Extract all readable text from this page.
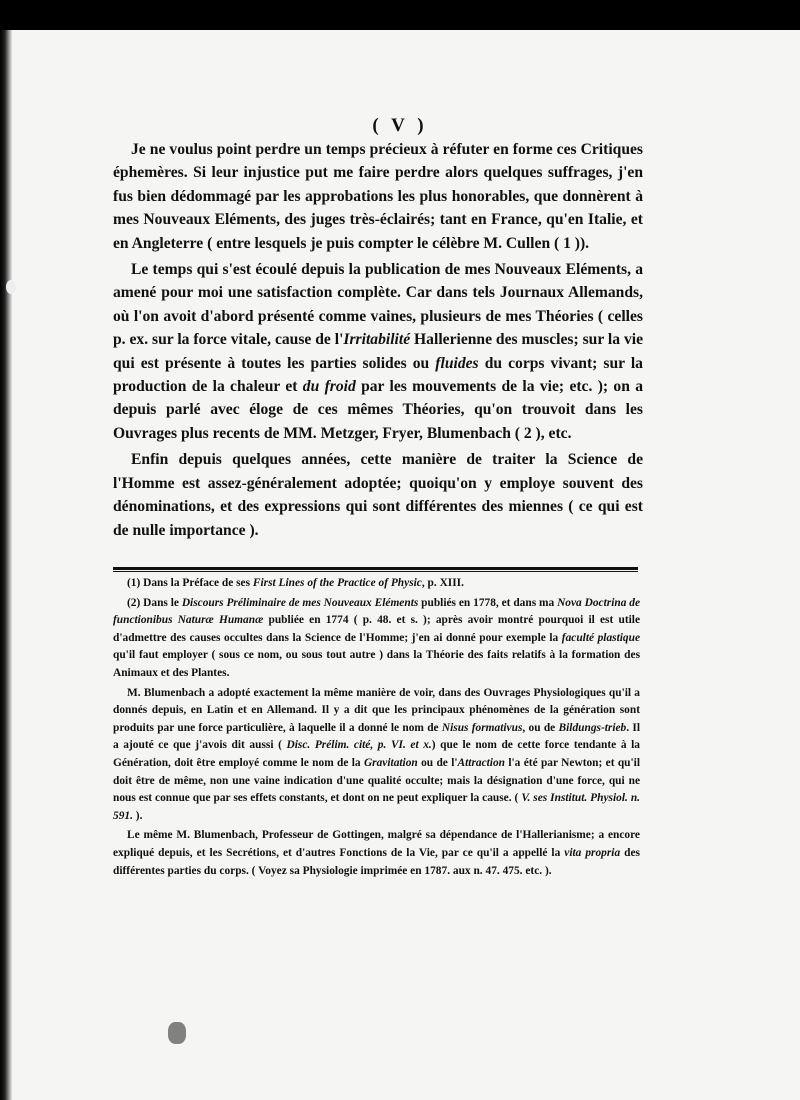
( V )

Je ne voulus point perdre un temps précieux à réfuter en forme ces Critiques éphemères. Si leur injustice put me faire perdre alors quelques suffrages, j'en fus bien dédommagé par les approbations les plus honorables, que donnèrent à mes Nouveaux Eléments, des juges très-éclairés; tant en France, qu'en Italie, et en Angleterre ( entre lesquels je puis compter le célèbre M. Cullen ( 1 )).

Le temps qui s'est écoulé depuis la publication de mes Nouveaux Eléments, a amené pour moi une satisfaction complète. Car dans tels Journaux Allemands, où l'on avoit d'abord présenté comme vaines, plusieurs de mes Théories ( celles p. ex. sur la force vitale, cause de l'Irritabilité Hallerienne des muscles; sur la vie qui est présente à toutes les parties solides ou fluides du corps vivant; sur la production de la chaleur et du froid par les mouvements de la vie; etc. ); on a depuis parlé avec éloge de ces mêmes Théories, qu'on trouvoit dans les Ouvrages plus recents de MM. Metzger, Fryer, Blumenbach ( 2 ), etc.

Enfin depuis quelques années, cette manière de traiter la Science de l'Homme est assez-généralement adoptée; quoiqu'on y employe souvent des dénominations, et des expressions qui sont différentes des miennes ( ce qui est de nulle importance ).

(1) Dans la Préface de ses First Lines of the Practice of Physic, p. XIII.

(2) Dans le Discours Préliminaire de mes Nouveaux Eléments publiés en 1778, et dans ma Nova Doctrina de functionibus Naturæ Humanæ publiée en 1774 ( p. 48. et s. ); après avoir montré pourquoi il est utile d'admettre des causes occultes dans la Science de l'Homme; j'en ai donné pour exemple la faculté plastique qu'il faut employer ( sous ce nom, ou sous tout autre ) dans la Théorie des faits relatifs à la formation des Animaux et des Plantes.

M. Blumenbach a adopté exactement la même manière de voir, dans des Ouvrages Physiologiques qu'il a donnés depuis, en Latin et en Allemand. Il y a dit que les principaux phénomènes de la génération sont produits par une force particulière, à laquelle il a donné le nom de Nisus formativus, ou de Bildungs-trieb. Il a ajouté ce que j'avois dit aussi ( Disc. Prélim. cité, p. VI. et x.) que le nom de cette force tendante à la Génération, doit être employé comme le nom de la Gravitation ou de l'Attraction l'a été par Newton; et qu'il doit être de même, non une vaine indication d'une qualité occulte; mais la désignation d'une force, qui ne nous est connue que par ses effets constants, et dont on ne peut expliquer la cause. ( V. ses Institut. Physiol. n. 591. ).

Le même M. Blumenbach, Professeur de Gottingen, malgré sa dépendance de l'Hallerianisme; a encore expliqué depuis, et les Secrétions, et d'autres Fonctions de la Vie, par ce qu'il a appellé la vita propria des différentes parties du corps. ( Voyez sa Physiologie imprimée en 1787. aux n. 47. 475. etc. ).
